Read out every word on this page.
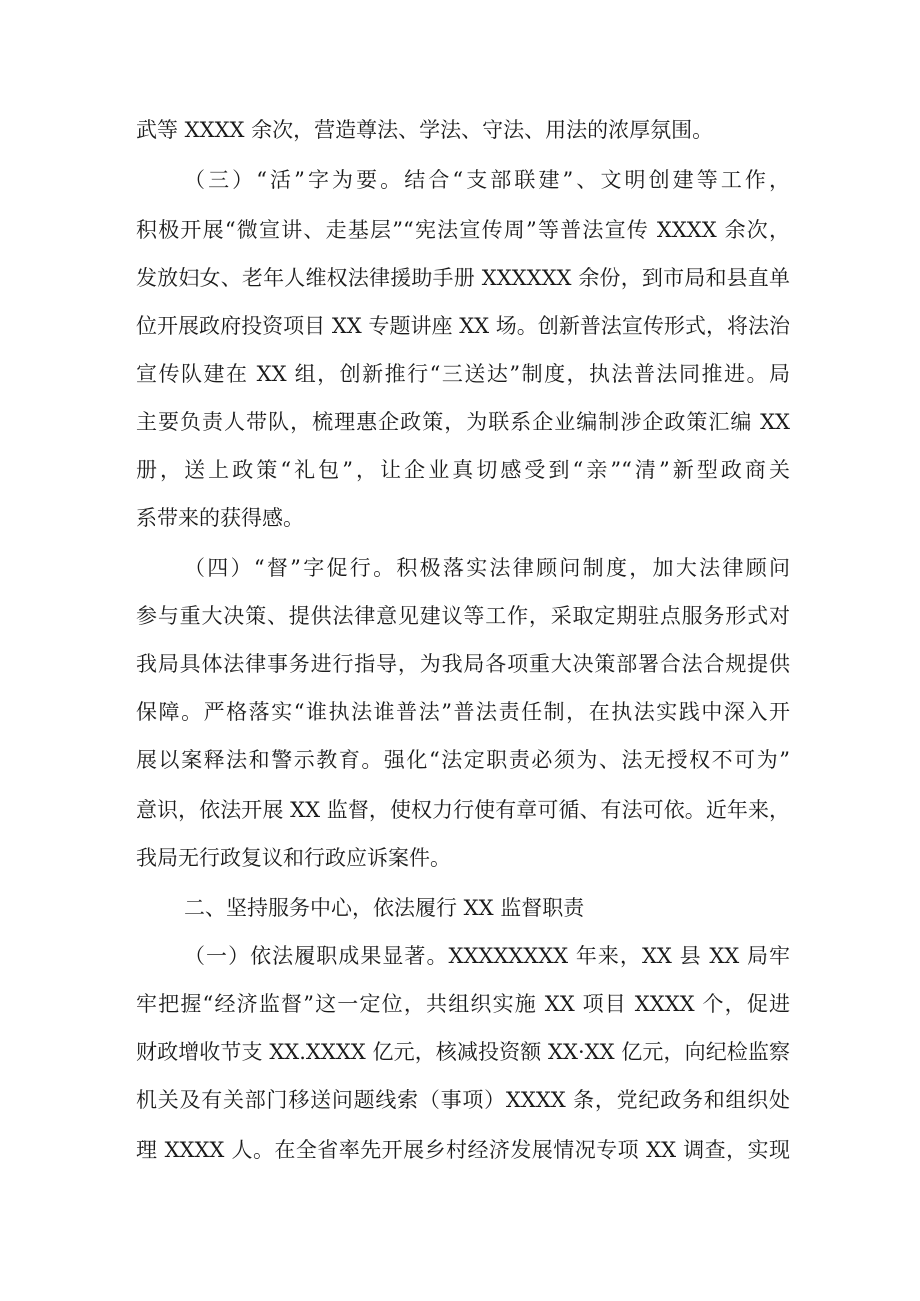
武等 XXXX 余次，营造尊法、学法、守法、用法的浓厚氛围。
（三）“活”字为要。结合“支部联建”、文明创建等工作，
积极开展“微宣讲、走基层”“宪法宣传周”等普法宣传 XXXX 余次，
发放妇女、老年人维权法律援助手册 XXXXXX 余份，到市局和县直单
位开展政府投资项目 XX 专题讲座 XX 场。创新普法宣传形式，将法治
宣传队建在 XX 组，创新推行“三送达”制度，执法普法同推进。局
主要负责人带队，梳理惠企政策，为联系企业编制涉企政策汇编 XX
册，送上政策“礼包”，让企业真切感受到“亲”“清”新型政商关
系带来的获得感。
（四）“督”字促行。积极落实法律顾问制度，加大法律顾问
参与重大决策、提供法律意见建议等工作，采取定期驻点服务形式对
我局具体法律事务进行指导，为我局各项重大决策部署合法合规提供
保障。严格落实“谁执法谁普法”普法责任制，在执法实践中深入开
展以案释法和警示教育。强化“法定职责必须为、法无授权不可为”
意识，依法开展 XX 监督，使权力行使有章可循、有法可依。近年来，
我局无行政复议和行政应诉案件。
二、坚持服务中心，依法履行 XX 监督职责
（一）依法履职成果显著。XXXXXXXX 年来，XX 县 XX 局牢
牢把握“经济监督”这一定位，共组织实施 XX 项目 XXXX 个，促进
财政增收节支 XX.XXXX 亿元，核减投资额 XX·XX 亿元，向纪检监察
机关及有关部门移送问题线索（事项）XXXX 条，党纪政务和组织处
理 XXXX 人。在全省率先开展乡村经济发展情况专项 XX 调查，实现
